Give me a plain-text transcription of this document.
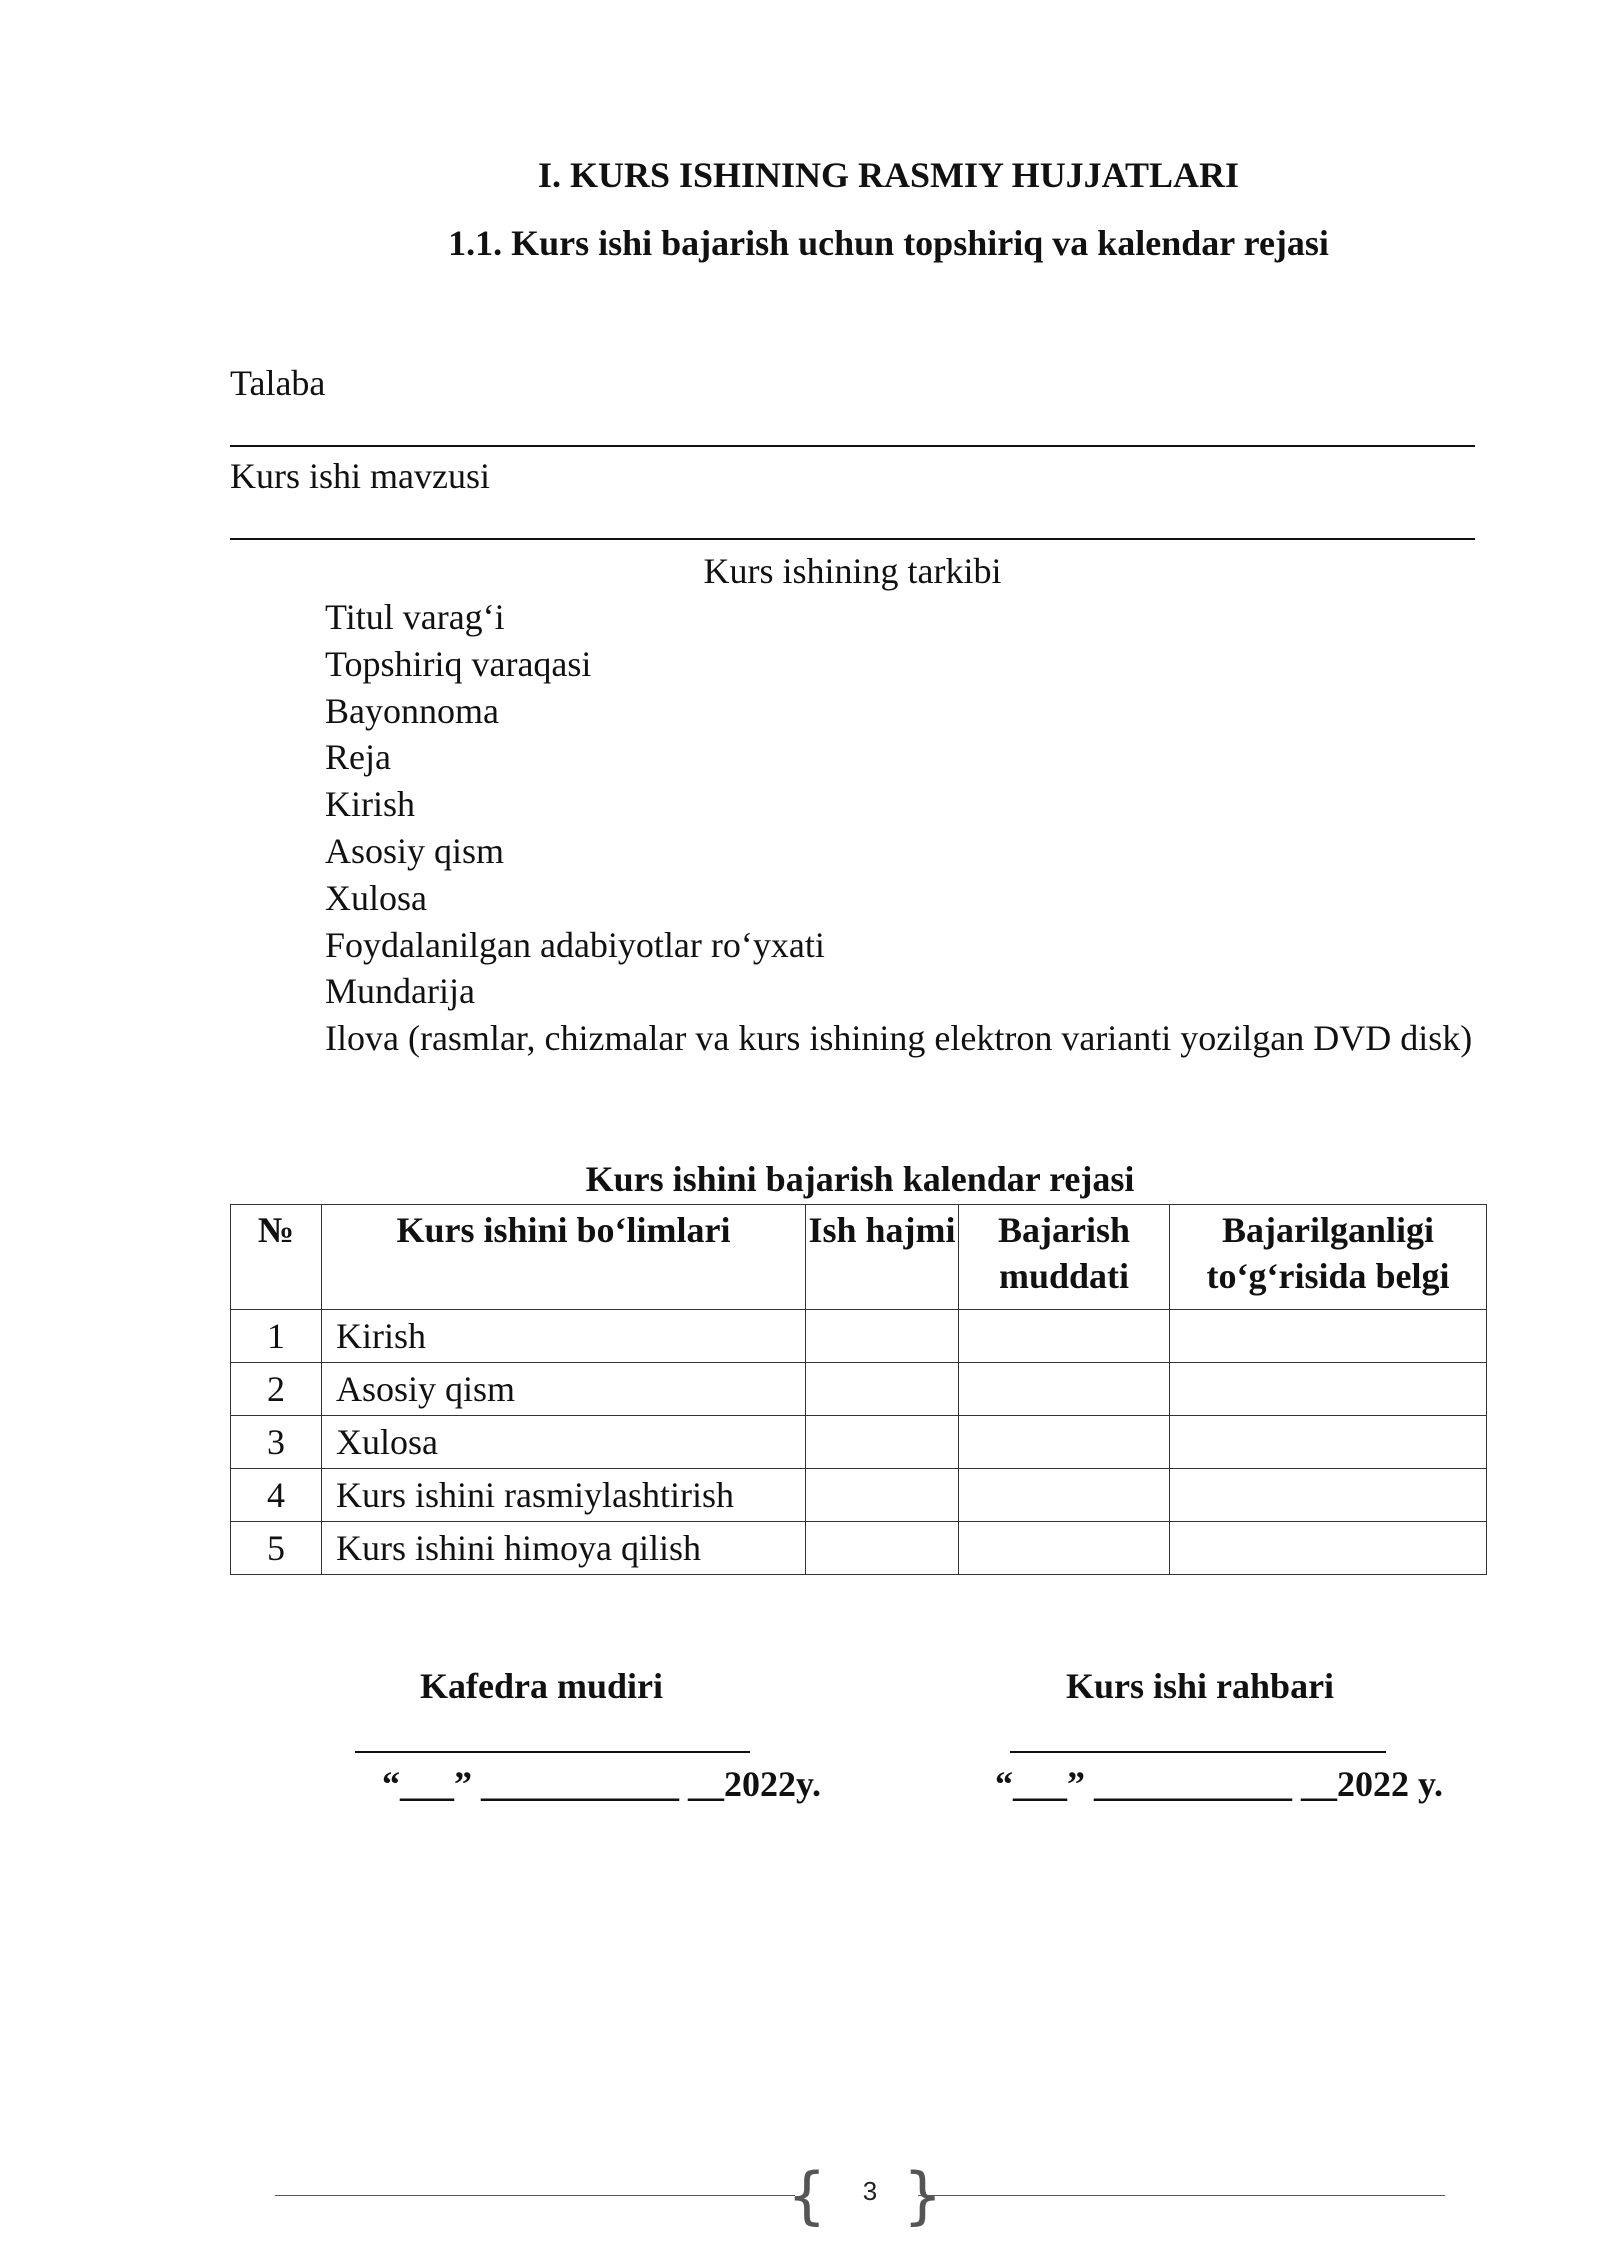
I. KURS ISHINING RASMIY HUJJATLARI
1.1. Kurs ishi bajarish uchun topshiriq va kalendar rejasi
Talaba
Kurs ishi mavzusi
Kurs ishining tarkibi
Titul varag‘i
Topshiriq varaqasi
Bayonnoma
Reja
Kirish
Asosiy qism
Xulosa
Foydalanilgan adabiyotlar ro‘yxati
Mundarija
Ilova (rasmlar, chizmalar va kurs ishining elektron varianti yozilgan DVD disk)
Kurs ishini bajarish kalendar rejasi
№	Kurs ishini bo‘limlari	Ish hajmi	Bajarish muddati	Bajarilganligi to‘g‘risida belgi
1	Kirish			
2	Asosiy qism			
3	Xulosa			
4	Kurs ishini rasmiylashtirish			
5	Kurs ishini himoya qilish			
Kafedra mudiri
“___” ___________ __2022y.
Kurs ishi rahbari
“___” ___________ __2022 y.
{ 3 }
